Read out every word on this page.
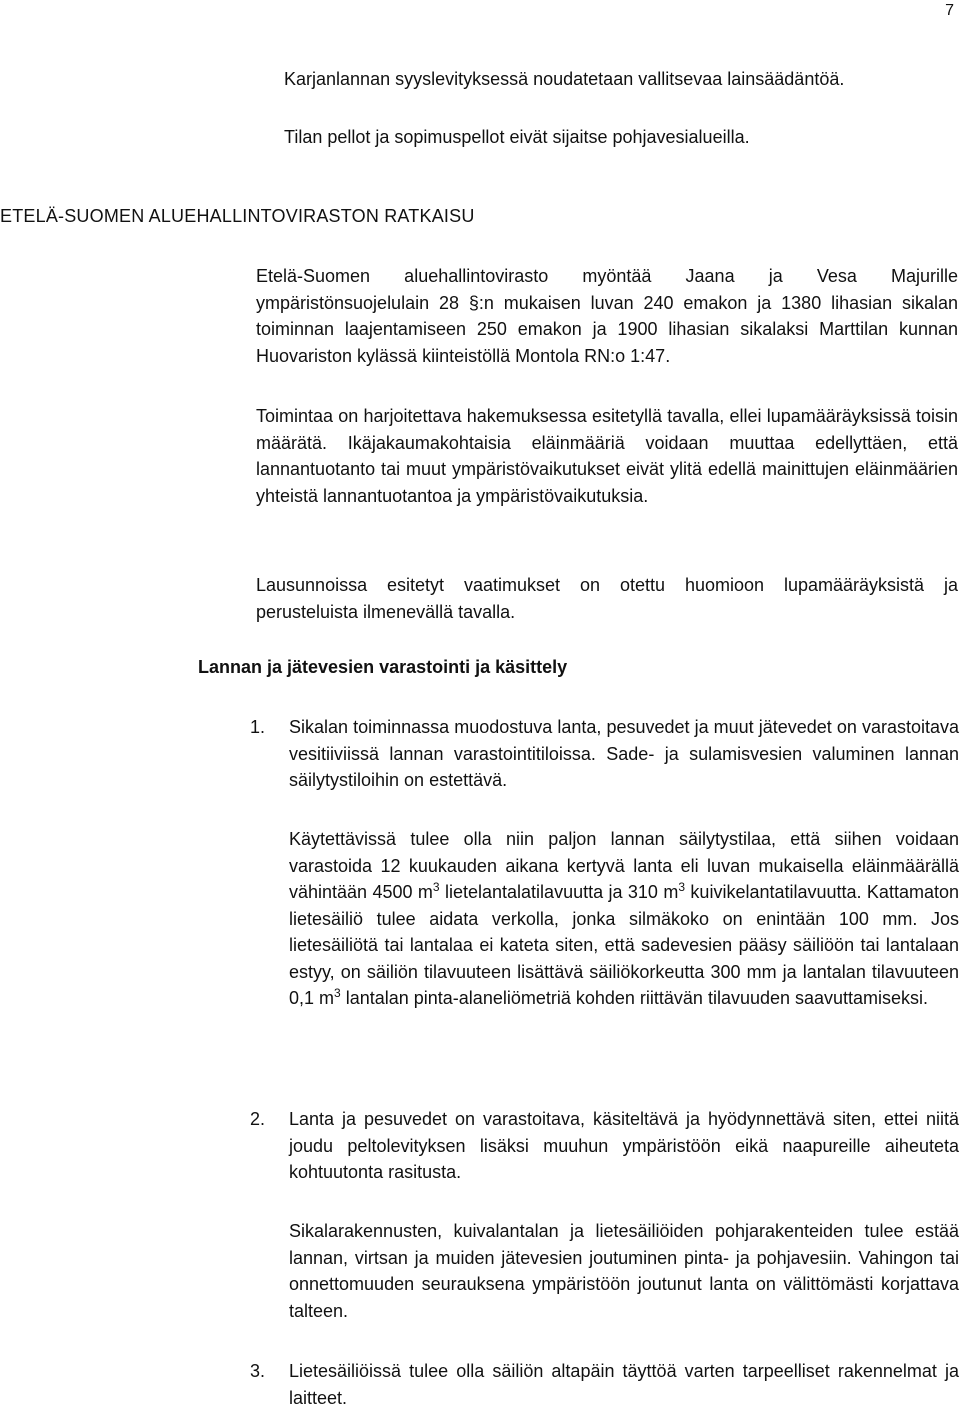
7

Karjanlannan syyslevityksessä noudatetaan vallitsevaa lainsäädäntöä.

Tilan pellot ja sopimuspellot eivät sijaitse pohjavesialueilla.

ETELÄ-SUOMEN ALUEHALLINTOVIRASTON RATKAISU

Etelä-Suomen aluehallintovirasto myöntää Jaana ja Vesa Majurille ympäristönsuojelulain 28 §:n mukaisen luvan 240 emakon ja 1380 lihasian sikalan toiminnan laajentamiseen 250 emakon ja 1900 lihasian sikalaksi Marttilan kunnan Huovariston kylässä kiinteistöllä Montola RN:o 1:47.

Toimintaa on harjoitettava hakemuksessa esitetyllä tavalla, ellei lupamääräyksissä toisin määrätä. Ikäjakaumakohtaisia eläinmääriä voidaan muuttaa edellyttäen, että lannantuotanto tai muut ympäristövaikutukset eivät ylitä edellä mainittujen eläinmäärien yhteistä lannantuotantoa ja ympäristövaikutuksia.

Lausunnoissa esitetyt vaatimukset on otettu huomioon lupamääräyksistä ja perusteluista ilmenevällä tavalla.

Lannan ja jätevesien varastointi ja käsittely
1. Sikalan toiminnassa muodostuva lanta, pesuvedet ja muut jätevedet on varastoitava vesitiiviissä lannan varastointitiloissa. Sade- ja sulamisvesien valuminen lannan säilytystiloihin on estettävä.

Käytettävissä tulee olla niin paljon lannan säilytystilaa, että siihen voidaan varastoida 12 kuukauden aikana kertyvä lanta eli luvan mukaisella eläinmäärällä vähintään 4500 $m^3$ lietelantalatilavuutta ja 310 $m^3$ kuivikelantatilavuutta. Kattamaton lietesäiliö tulee aidata verkolla, jonka silmäkoko on enintään 100 mm. Jos lietesäiliötä tai lantalaa ei kateta siten, että sadevesien pääsy säiliöön tai lantalaan estyy, on säiliön tilavuuteen lisättävä säiliökorkeutta 300 mm ja lantalan tilavuuteen 0,1 $m^3$ lantalan pinta-alaneliömetriä kohden riittävän tilavuuden saavuttamiseksi.

2. Lanta ja pesuvedet on varastoitava, käsiteltävä ja hyödynnettävä siten, ettei niitä joudu peltolevityksen lisäksi muuhun ympäristöön eikä naapureille aiheuteta kohtuutonta rasitusta.

Sikalarakennusten, kuivalantalan ja lietesäiliöiden pohjarakenteiden tulee estää lannan, virtsan ja muiden jätevesien joutuminen pinta- ja pohjavesiin. Vahingon tai onnettomuuden seurauksena ympäristöön joutunut lanta on välittömästi korjattava talteen.

3. Lietesäiliöissä tulee olla säiliön altapäin täyttöä varten tarpeelliset rakennelmat ja laitteet.
